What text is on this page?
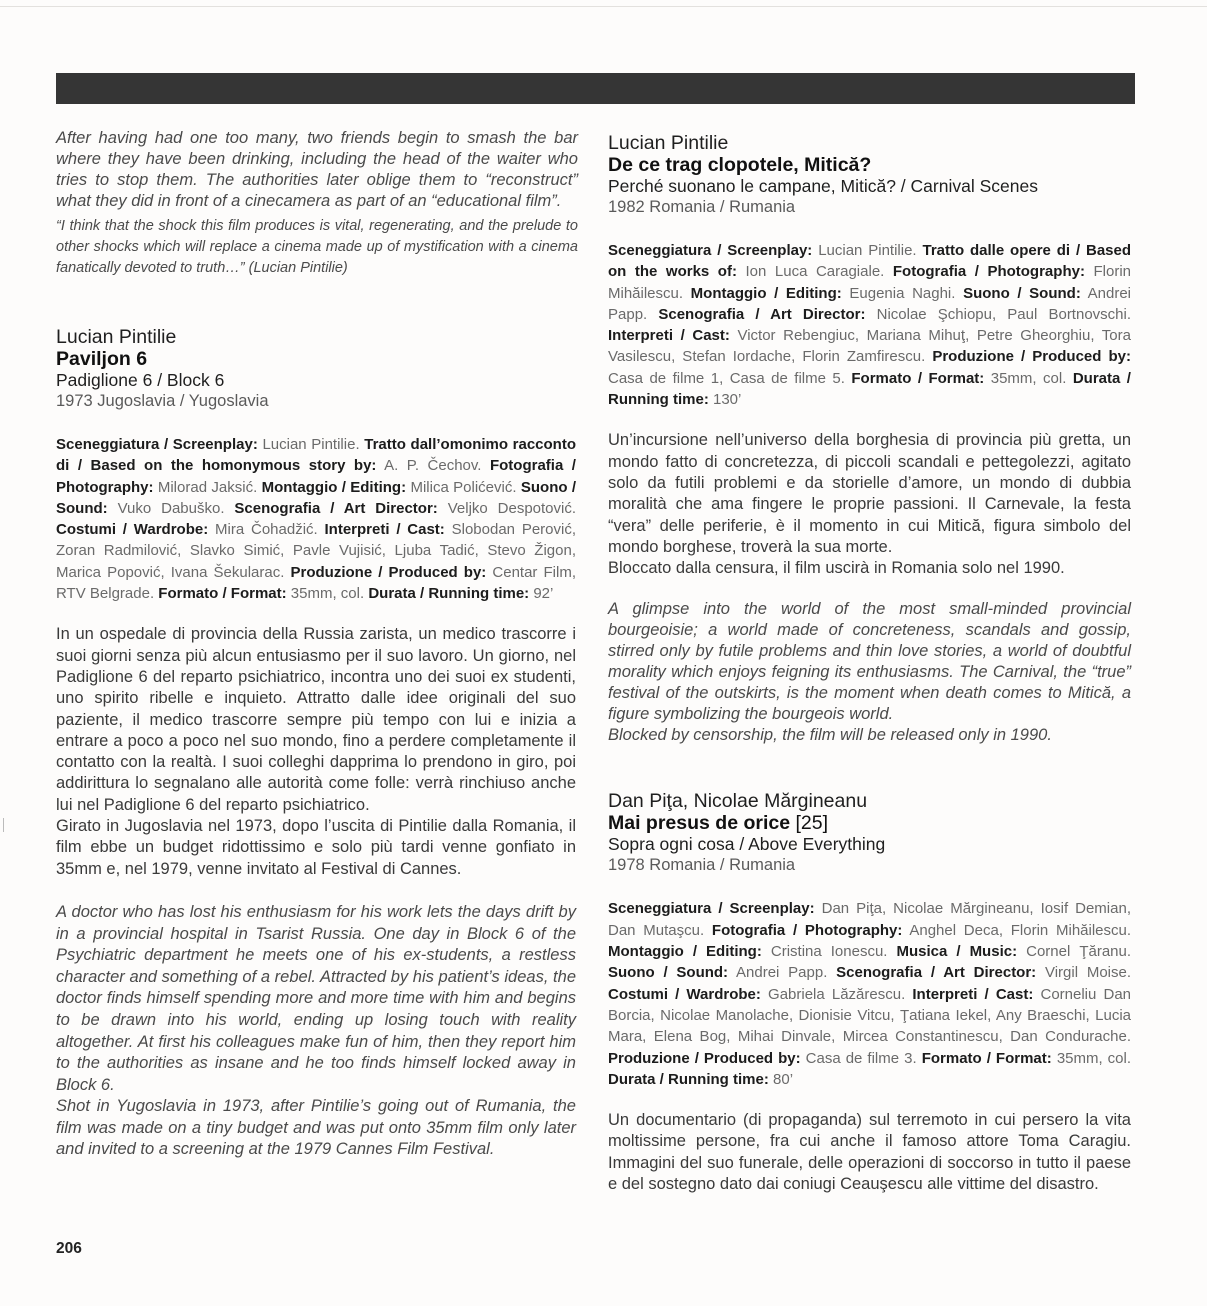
After having had one too many, two friends begin to smash the bar where they have been drinking, including the head of the waiter who tries to stop them. The authorities later oblige them to “reconstruct” what they did in front of a cinecamera as part of an “educational film”.

“I think that the shock this film produces is vital, regenerating, and the prelude to other shocks which will replace a cinema made up of mystification with a cinema fanatically devoted to truth…” (Lucian Pintilie)

Lucian Pintilie
Paviljon 6
Padiglione 6 / Block 6
1973 Jugoslavia / Yugoslavia

Sceneggiatura / Screenplay: Lucian Pintilie. Tratto dall’omonimo racconto di / Based on the homonymous story by: A. P. Čechov. Fotografia / Photography: Milorad Jaksić. Montaggio / Editing: Milica Polićević. Suono / Sound: Vuko Dabuško. Scenografia / Art Director: Veljko Despotović. Costumi / Wardrobe: Mira Čohadžić. Interpreti / Cast: Slobodan Perović, Zoran Radmilović, Slavko Simić, Pavle Vujisić, Ljuba Tadić, Stevo Žigon, Marica Popović, Ivana Šekularac. Produzione / Produced by: Centar Film, RTV Belgrade. Formato / Format: 35mm, col. Durata / Running time: 92’

In un ospedale di provincia della Russia zarista, un medico trascorre i suoi giorni senza più alcun entusiasmo per il suo lavoro. Un giorno, nel Padiglione 6 del reparto psichiatrico, incontra uno dei suoi ex studenti, uno spirito ribelle e inquieto. Attratto dalle idee originali del suo paziente, il medico trascorre sempre più tempo con lui e inizia a entrare a poco a poco nel suo mondo, fino a perdere completamente il contatto con la realtà. I suoi colleghi dapprima lo prendono in giro, poi addirittura lo segnalano alle autorità come folle: verrà rinchiuso anche lui nel Padiglione 6 del reparto psichiatrico.

Girato in Jugoslavia nel 1973, dopo l’uscita di Pintilie dalla Romania, il film ebbe un budget ridottissimo e solo più tardi venne gonfiato in 35mm e, nel 1979, venne invitato al Festival di Cannes.

A doctor who has lost his enthusiasm for his work lets the days drift by in a provincial hospital in Tsarist Russia. One day in Block 6 of the Psychiatric department he meets one of his ex-students, a restless character and something of a rebel. Attracted by his patient’s ideas, the doctor finds himself spending more and more time with him and begins to be drawn into his world, ending up losing touch with reality altogether. At first his colleagues make fun of him, then they report him to the authorities as insane and he too finds himself locked away in Block 6.

Shot in Yugoslavia in 1973, after Pintilie’s going out of Rumania, the film was made on a tiny budget and was put onto 35mm film only later and invited to a screening at the 1979 Cannes Film Festival.

Lucian Pintilie
De ce trag clopotele, Mitică?
Perché suonano le campane, Mitică? / Carnival Scenes
1982 Romania / Rumania

Sceneggiatura / Screenplay: Lucian Pintilie. Tratto dalle opere di / Based on the works of: Ion Luca Caragiale. Fotografia / Photography: Florin Mihăilescu. Montaggio / Editing: Eugenia Naghi. Suono / Sound: Andrei Papp. Scenografia / Art Director: Nicolae Şchiopu, Paul Bortnovschi. Interpreti / Cast: Victor Rebengiuc, Mariana Mihuţ, Petre Gheorghiu, Tora Vasilescu, Stefan Iordache, Florin Zamfirescu. Produzione / Produced by: Casa de filme 1, Casa de filme 5. Formato / Format: 35mm, col. Durata / Running time: 130’

Un’incursione nell’universo della borghesia di provincia più gretta, un mondo fatto di concretezza, di piccoli scandali e pettegolezzi, agitato solo da futili problemi e da storielle d’amore, un mondo di dubbia moralità che ama fingere le proprie passioni. Il Carnevale, la festa “vera” delle periferie, è il momento in cui Mitică, figura simbolo del mondo borghese, troverà la sua morte.

Bloccato dalla censura, il film uscirà in Romania solo nel 1990.

A glimpse into the world of the most small-minded provincial bourgeoisie; a world made of concreteness, scandals and gossip, stirred only by futile problems and thin love stories, a world of doubtful morality which enjoys feigning its enthusiasms. The Carnival, the “true” festival of the outskirts, is the moment when death comes to Mitică, a figure symbolizing the bourgeois world.

Blocked by censorship, the film will be released only in 1990.

Dan Piţa, Nicolae Mărgineanu
Mai presus de orice [25]
Sopra ogni cosa / Above Everything
1978 Romania / Rumania

Sceneggiatura / Screenplay: Dan Piţa, Nicolae Mărgineanu, Iosif Demian, Dan Mutaşcu. Fotografia / Photography: Anghel Deca, Florin Mihăilescu. Montaggio / Editing: Cristina Ionescu. Musica / Music: Cornel Ţăranu. Suono / Sound: Andrei Papp. Scenografia / Art Director: Virgil Moise. Costumi / Wardrobe: Gabriela Lăzărescu. Interpreti / Cast: Corneliu Dan Borcia, Nicolae Manolache, Dionisie Vitcu, Ţatiana Iekel, Any Braeschi, Lucia Mara, Elena Bog, Mihai Dinvale, Mircea Constantinescu, Dan Condurache. Produzione / Produced by: Casa de filme 3. Formato / Format: 35mm, col. Durata / Running time: 80’

Un documentario (di propaganda) sul terremoto in cui persero la vita moltissime persone, fra cui anche il famoso attore Toma Caragiu. Immagini del suo funerale, delle operazioni di soccorso in tutto il paese e del sostegno dato dai coniugi Ceauşescu alle vittime del disastro.

206
